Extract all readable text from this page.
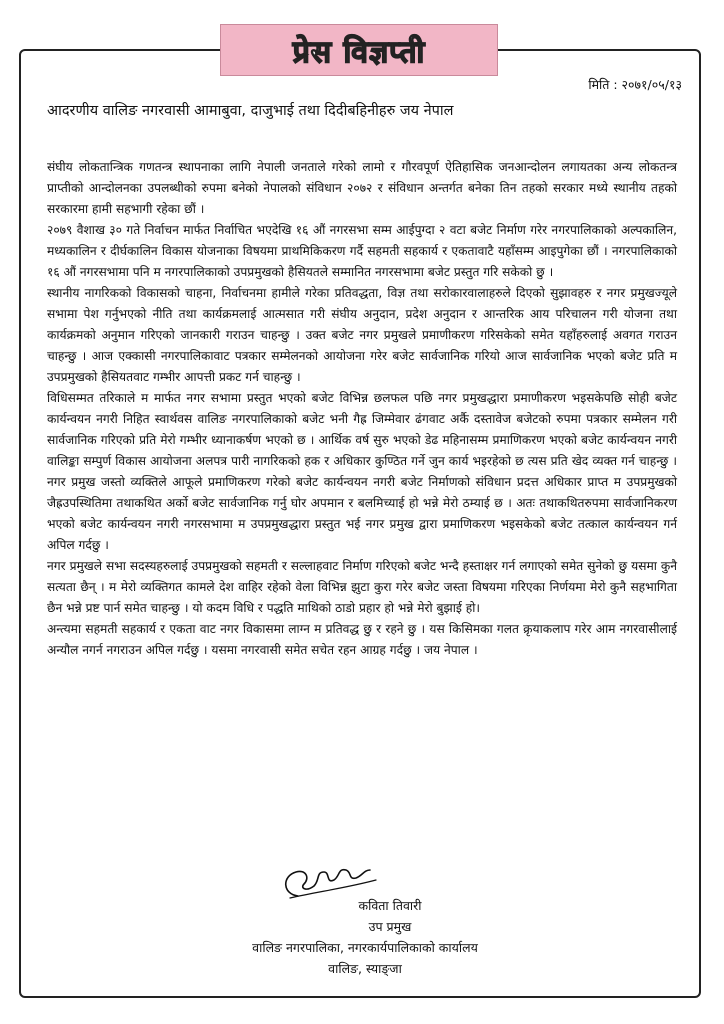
प्रेस विज्ञप्ती
मिति : २०७१/०५/१३
आदरणीय वालिङ नगरवासी आमाबुवा, दाजुभाई तथा दिदीबहिनीहरु जय नेपाल

संघीय लोकतान्त्रिक गणतन्त्र स्थापनाका लागि नेपाली जनताले गरेको लामो र गौरवपूर्ण ऐतिहासिक जनआन्दोलन लगायतका अन्य लोकतन्त्र प्राप्तीको आन्दोलनका उपलब्धीको रुपमा बनेको नेपालको संविधान २०७२ र संविधान अन्तर्गत बनेका तिन तहको सरकार मध्ये स्थानीय तहको सरकारमा हामी सहभागी रहेका छौं ।

२०७९ वैशाख ३० गते निर्वाचन मार्फत निर्वाचित भएदेखि १६ औं नगरसभा सम्म आईपुग्दा २ वटा बजेट निर्माण गरेर नगरपालिकाको अल्पकालिन, मध्यकालिन र दीर्घकालिन विकास योजनाका विषयमा प्राथमिकिकरण गर्दै सहमती सहकार्य र एकतावाटै यहाँसम्म आइपुगेका छौं । नगरपालिकाको १६ औं नगरसभामा पनि म नगरपालिकाको उपप्रमुखको हैसियतले सम्मानित नगरसभामा बजेट प्रस्तुत गरि सकेको छु ।

स्थानीय नागरिकको विकासको चाहना, निर्वाचनमा हामीले गरेका प्रतिवद्धता, विज्ञ तथा सरोकारवालाहरुले दिएको सुझावहरु र नगर प्रमुखज्यूले सभामा पेश गर्नुभएको नीति तथा कार्यक्रमलाई आत्मसात गरी संघीय अनुदान, प्रदेश अनुदान र आन्तरिक आय परिचालन गरी योजना तथा कार्यक्रमको अनुमान गरिएको जानकारी गराउन चाहन्छु । उक्त बजेट नगर प्रमुखले प्रमाणीकरण गरिसकेको समेत यहाँहरुलाई अवगत गराउन चाहन्छु । आज एक्कासी नगरपालिकावाट पत्रकार सम्मेलनको आयोजना गरेर बजेट सार्वजानिक गरियो आज सार्वजानिक भएको बजेट प्रति म उपप्रमुखको हैसियतवाट गम्भीर आपत्ती प्रकट गर्न चाहन्छु ।

विधिसम्मत तरिकाले म मार्फत नगर सभामा प्रस्तुत भएको बजेट विभिन्न छलफल पछि नगर प्रमुखद्धारा प्रमाणीकरण भइसकेपछि सोही बजेट कार्यन्वयन नगरी निहित स्वार्थवस वालिङ नगरपालिकाको बजेट भनी गैह्र जिम्मेवार ढंगवाट अर्कै दस्तावेज बजेटको रुपमा पत्रकार सम्मेलन गरी सार्वजानिक गरिएको प्रति मेरो गम्भीर ध्यानाकर्षण भएको छ । आर्थिक वर्ष सुरु भएको डेढ महिनासम्म प्रमाणिकरण भएको बजेट कार्यन्वयन नगरी वालिङ्का सम्पुर्ण विकास आयोजना अलपत्र पारी नागरिकको हक र अधिकार कुण्ठित गर्ने जुन कार्य भइरहेको छ त्यस प्रति खेद व्यक्त गर्न चाहन्छु । नगर प्रमुख जस्तो व्यक्तिले आफूले प्रमाणिकरण गरेको बजेट कार्यन्वयन नगरी बजेट निर्माणको संविधान प्रदत्त अधिकार प्राप्त म उपप्रमुखको जैह्रउपस्थितिमा तथाकथित अर्को बजेट सार्वजानिक गर्नु घोर अपमान र बलमिच्याई हो भन्ने मेरो ठम्याई छ । अतः तथाकथितरुपमा सार्वजानिकरण भएको बजेट कार्यन्वयन नगरी नगरसभामा म उपप्रमुखद्धारा प्रस्तुत भई नगर प्रमुख द्वारा प्रमाणिकरण भइसकेको बजेट तत्काल कार्यन्वयन गर्न अपिल गर्दछु ।

नगर प्रमुखले सभा सदस्यहरुलाई उपप्रमुखको सहमती र सल्लाहवाट निर्माण गरिएको बजेट भन्दै हस्ताक्षर गर्न लगाएको समेत सुनेको छु यसमा कुनै सत्यता छैन् । म मेरो व्यक्तिगत कामले देश वाहिर रहेको वेला विभिन्न झुटा कुरा गरेर बजेट जस्ता विषयमा गरिएका निर्णयमा मेरो कुनै सहभागिता छैन भन्ने प्रष्ट पार्न समेत चाहन्छु । यो कदम विधि र पद्धति माथिको ठाडो प्रहार हो भन्ने मेरो बुझाई हो।

अन्त्यमा सहमती सहकार्य र एकता वाट नगर विकासमा लाग्न म प्रतिवद्ध छु र रहने छु । यस किसिमका गलत क्रृयाकलाप गरेर आम नगरवासीलाई अन्यौल नगर्न नगराउन अपिल गर्दछु । यसमा नगरवासी समेत सचेत रहन आग्रह गर्दछु । जय नेपाल ।

कविता तिवारी
उप प्रमुख
वालिङ नगरपालिका, नगरकार्यपालिकाको कार्यालय
वालिङ, स्याङ्जा
